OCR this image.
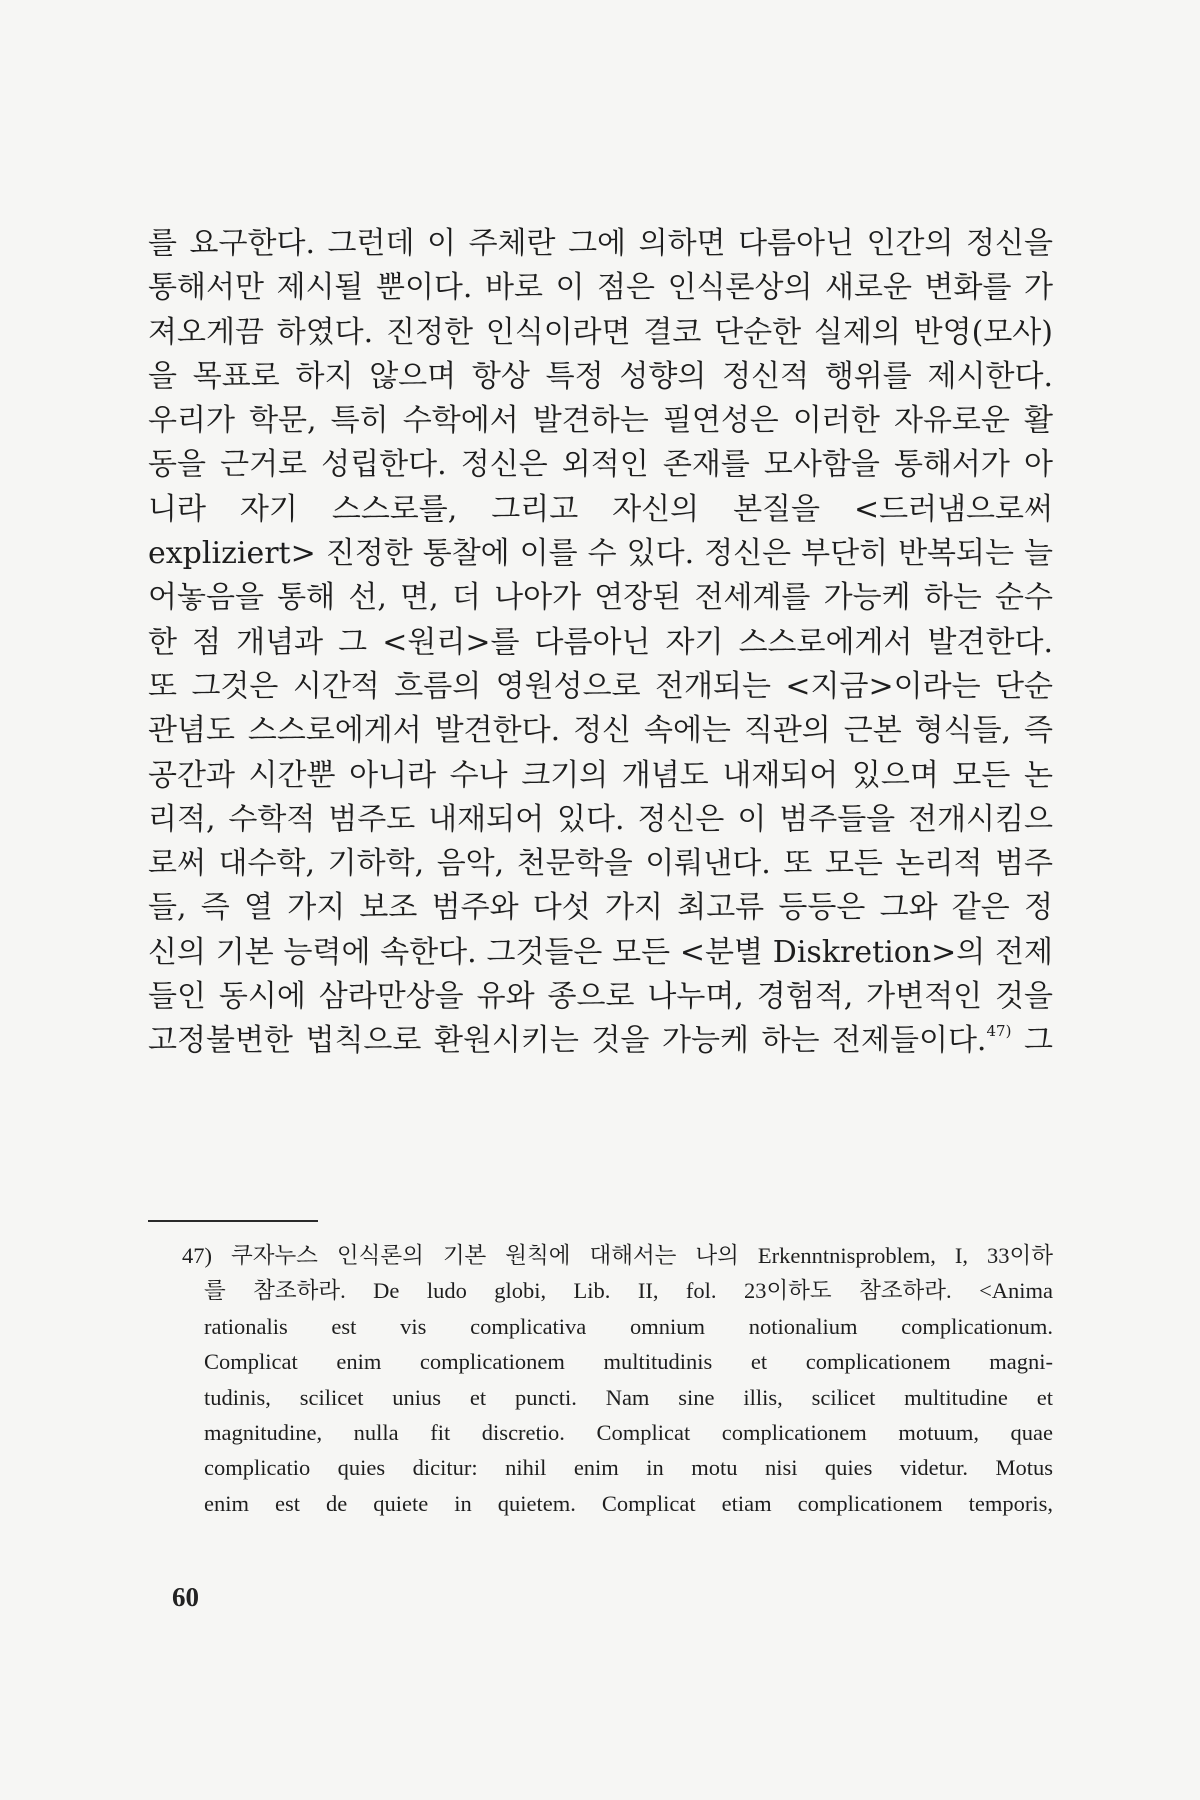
를 요구한다. 그런데 이 주체란 그에 의하면 다름아닌 인간의 정신을
통해서만 제시될 뿐이다. 바로 이 점은 인식론상의 새로운 변화를 가
져오게끔 하였다. 진정한 인식이라면 결코 단순한 실제의 반영(모사)
을 목표로 하지 않으며 항상 특정 성향의 정신적 행위를 제시한다.
우리가 학문, 특히 수학에서 발견하는 필연성은 이러한 자유로운 활
동을 근거로 성립한다. 정신은 외적인 존재를 모사함을 통해서가 아
니라 자기 스스로를, 그리고 자신의 본질을 <드러냄으로써
expliziert> 진정한 통찰에 이를 수 있다. 정신은 부단히 반복되는 늘
어놓음을 통해 선, 면, 더 나아가 연장된 전세계를 가능케 하는 순수
한 점 개념과 그 <원리>를 다름아닌 자기 스스로에게서 발견한다.
또 그것은 시간적 흐름의 영원성으로 전개되는 <지금>이라는 단순
관념도 스스로에게서 발견한다. 정신 속에는 직관의 근본 형식들, 즉
공간과 시간뿐 아니라 수나 크기의 개념도 내재되어 있으며 모든 논
리적, 수학적 범주도 내재되어 있다. 정신은 이 범주들을 전개시킴으
로써 대수학, 기하학, 음악, 천문학을 이뤄낸다. 또 모든 논리적 범주
들, 즉 열 가지 보조 범주와 다섯 가지 최고류 등등은 그와 같은 정
신의 기본 능력에 속한다. 그것들은 모든 <분별 Diskretion>의 전제
들인 동시에 삼라만상을 유와 종으로 나누며, 경험적, 가변적인 것을
고정불변한 법칙으로 환원시키는 것을 가능케 하는 전제들이다.$^{47)}$ 그
47) 쿠자누스 인식론의 기본 원칙에 대해서는 나의 Erkenntnisproblem, I, 33이하
를 참조하라. De ludo globi, Lib. II, fol. 23이하도 참조하라. <Anima
rationalis est vis complicativa omnium notionalium complicationum.
Complicat enim complicationem multitudinis et complicationem magni-
tudinis, scilicet unius et puncti. Nam sine illis, scilicet multitudine et
magnitudine, nulla fit discretio. Complicat complicationem motuum, quae
complicatio quies dicitur: nihil enim in motu nisi quies videtur. Motus
enim est de quiete in quietem. Complicat etiam complicationem temporis,
60
